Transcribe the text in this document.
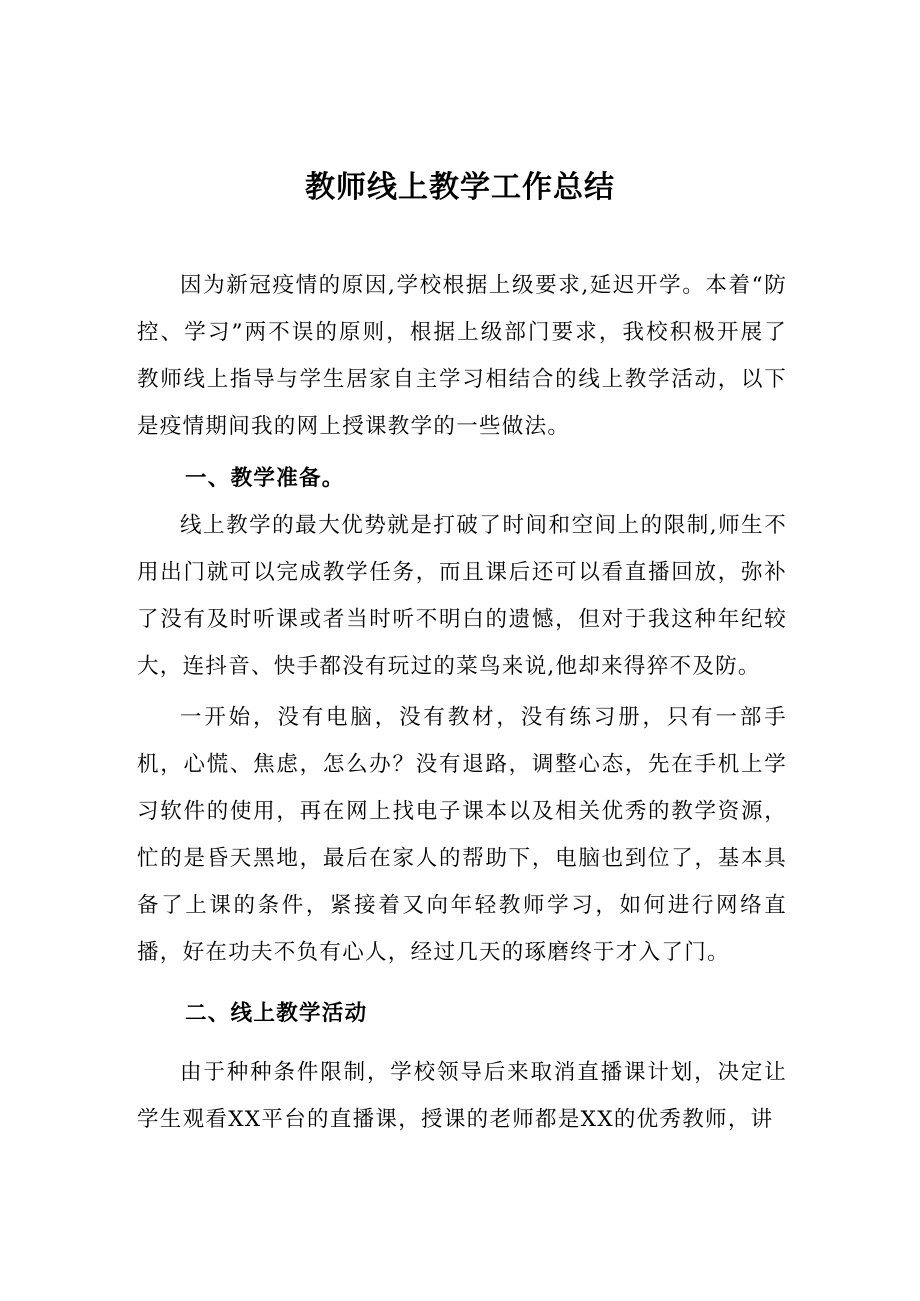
教师线上教学工作总结

因为新冠疫情的原因,学校根据上级要求,延迟开学。本着“防控、学习”两不误的原则，根据上级部门要求，我校积极开展了教师线上指导与学生居家自主学习相结合的线上教学活动，以下是疫情期间我的网上授课教学的一些做法。

一、教学准备。

线上教学的最大优势就是打破了时间和空间上的限制,师生不用出门就可以完成教学任务，而且课后还可以看直播回放，弥补了没有及时听课或者当时听不明白的遗憾，但对于我这种年纪较大，连抖音、快手都没有玩过的菜鸟来说,他却来得猝不及防。

一开始，没有电脑，没有教材，没有练习册，只有一部手机，心慌、焦虑，怎么办？没有退路，调整心态，先在手机上学习软件的使用，再在网上找电子课本以及相关优秀的教学资源，忙的是昏天黑地，最后在家人的帮助下，电脑也到位了，基本具备了上课的条件，紧接着又向年轻教师学习，如何进行网络直播，好在功夫不负有心人，经过几天的琢磨终于才入了门。

二、线上教学活动

由于种种条件限制，学校领导后来取消直播课计划，决定让学生观看XX平台的直播课，授课的老师都是XX的优秀教师，讲
